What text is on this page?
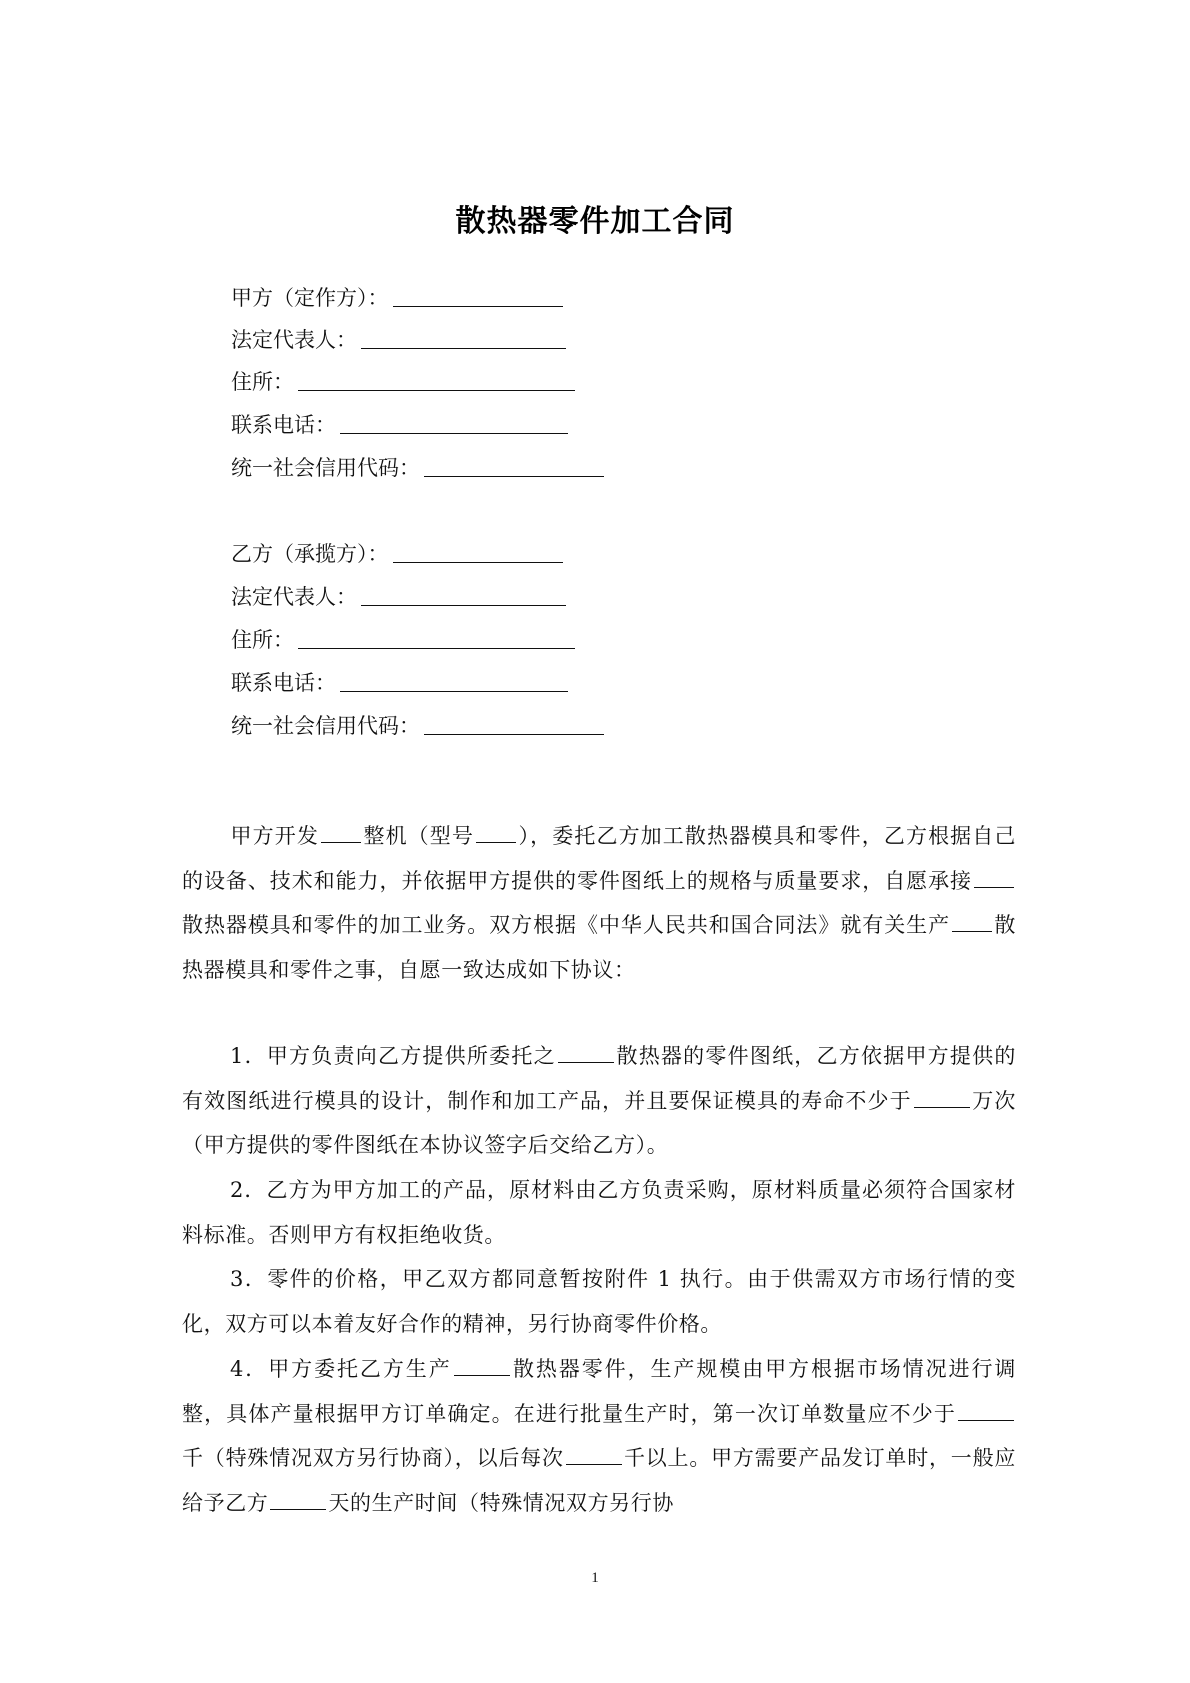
散热器零件加工合同
甲方（定作方）：
法定代表人：
住所：
联系电话：
统一社会信用代码：
乙方（承揽方）：
法定代表人：
住所：
联系电话：
统一社会信用代码：
甲方开发 整机（型号 ），委托乙方加工散热器模具和零件，乙方根据自己的设备、技术和能力，并依据甲方提供的零件图纸上的规格与质量要求，自愿承接散热器模具和零件的加工业务。双方根据《中华人民共和国合同法》就有关生产 散热器模具和零件之事，自愿一致达成如下协议：
1．甲方负责向乙方提供所委托之	散热器的零件图纸，乙方依据甲方提供的有效图纸进行模具的设计，制作和加工产品，并且要保证模具的寿命不少于	万次（甲方提供的零件图纸在本协议签字后交给乙方）。
2．乙方为甲方加工的产品，原材料由乙方负责采购，原材料质量必须符合国家材料标准。否则甲方有权拒绝收货。
3．零件的价格，甲乙双方都同意暂按附件 1 执行。由于供需双方市场行情的变化，双方可以本着友好合作的精神，另行协商零件价格。
4．甲方委托乙方生产	散热器零件，生产规模由甲方根据市场情况进行调整，具体产量根据甲方订单确定。在进行批量生产时，第一次订单数量应不少于千（特殊情况双方另行协商），以后每次	千以上。甲方需要产品发订单时，一般应给予乙方	天的生产时间（特殊情况双方另行协
1
